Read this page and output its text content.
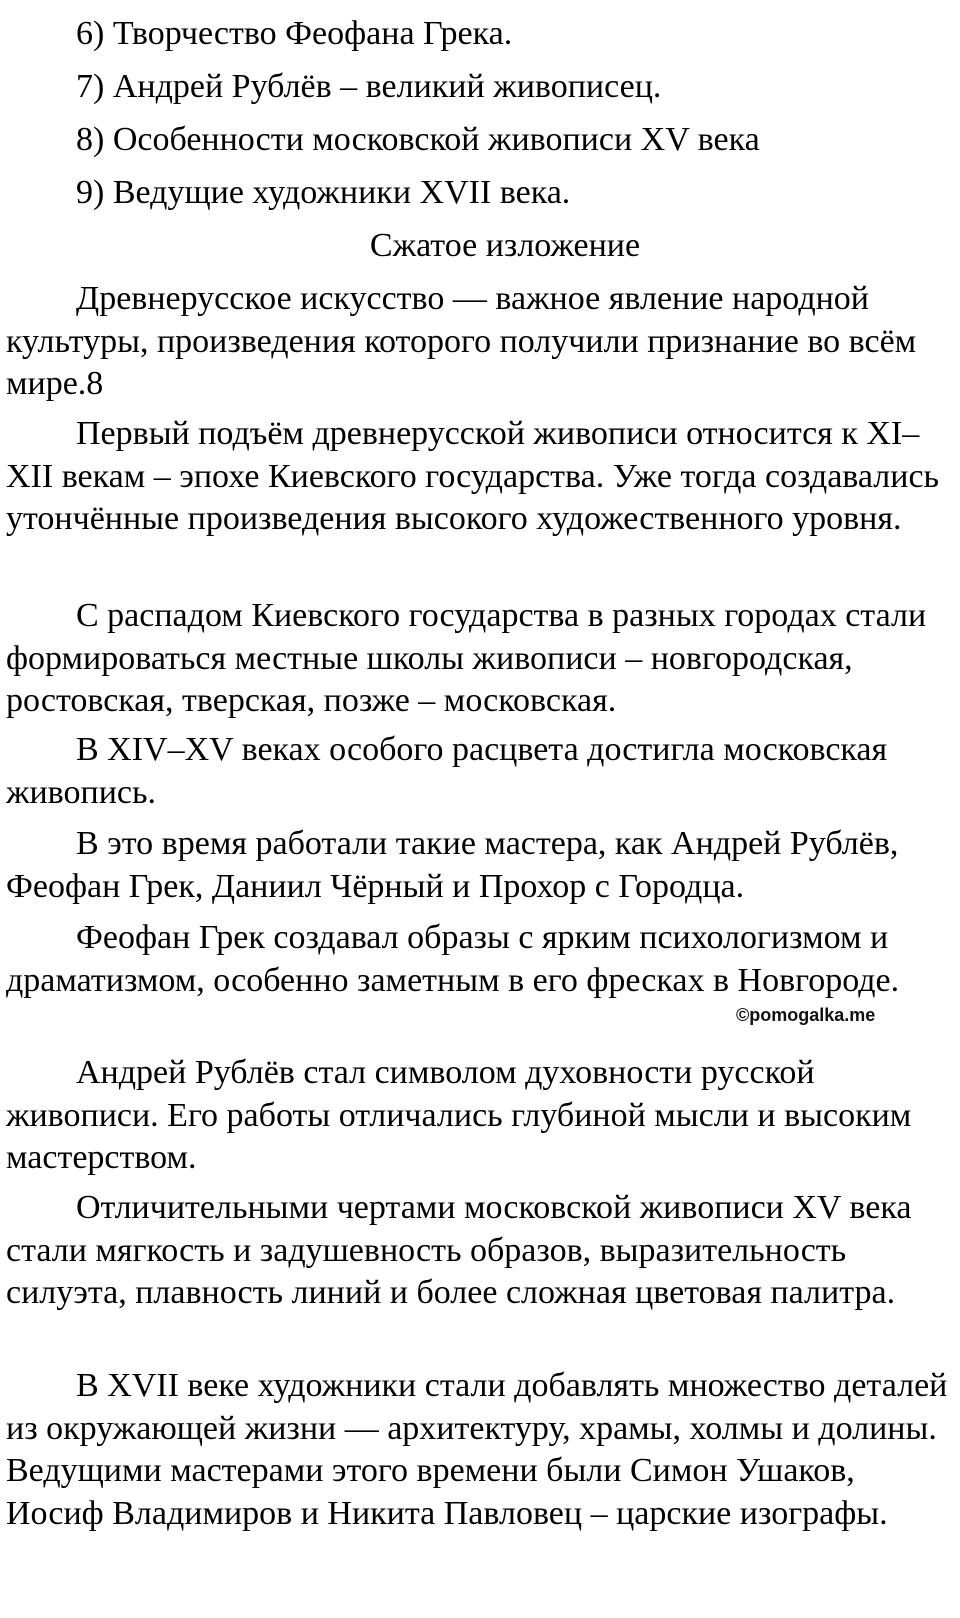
6) Творчество Феофана Грека.
7) Андрей Рублёв – великий живописец.
8) Особенности московской живописи XV века
9) Ведущие художники XVII века.
Сжатое изложение

Древнерусское искусство — важное явление народной культуры, произведения которого получили признание во всём мире.8

Первый подъём древнерусской живописи относится к XI–XII векам – эпохе Киевского государства. Уже тогда создавались утончённые произведения высокого художественного уровня.

С распадом Киевского государства в разных городах стали формироваться местные школы живописи – новгородская, ростовская, тверская, позже – московская.

В XIV–XV веках особого расцвета достигла московская живопись.

В это время работали такие мастера, как Андрей Рублёв, Феофан Грек, Даниил Чёрный и Прохор с Городца.

Феофан Грек создавал образы с ярким психологизмом и драматизмом, особенно заметным в его фресках в Новгороде.

Андрей Рублёв стал символом духовности русской живописи. Его работы отличались глубиной мысли и высоким мастерством.

Отличительными чертами московской живописи XV века стали мягкость и задушевность образов, выразительность силуэта, плавность линий и более сложная цветовая палитра.

В XVII веке художники стали добавлять множество деталей из окружающей жизни — архитектуру, храмы, холмы и долины. Ведущими мастерами этого времени были Симон Ушаков, Иосиф Владимиров и Никита Павловец – царские изографы.

©pomogalka.me
